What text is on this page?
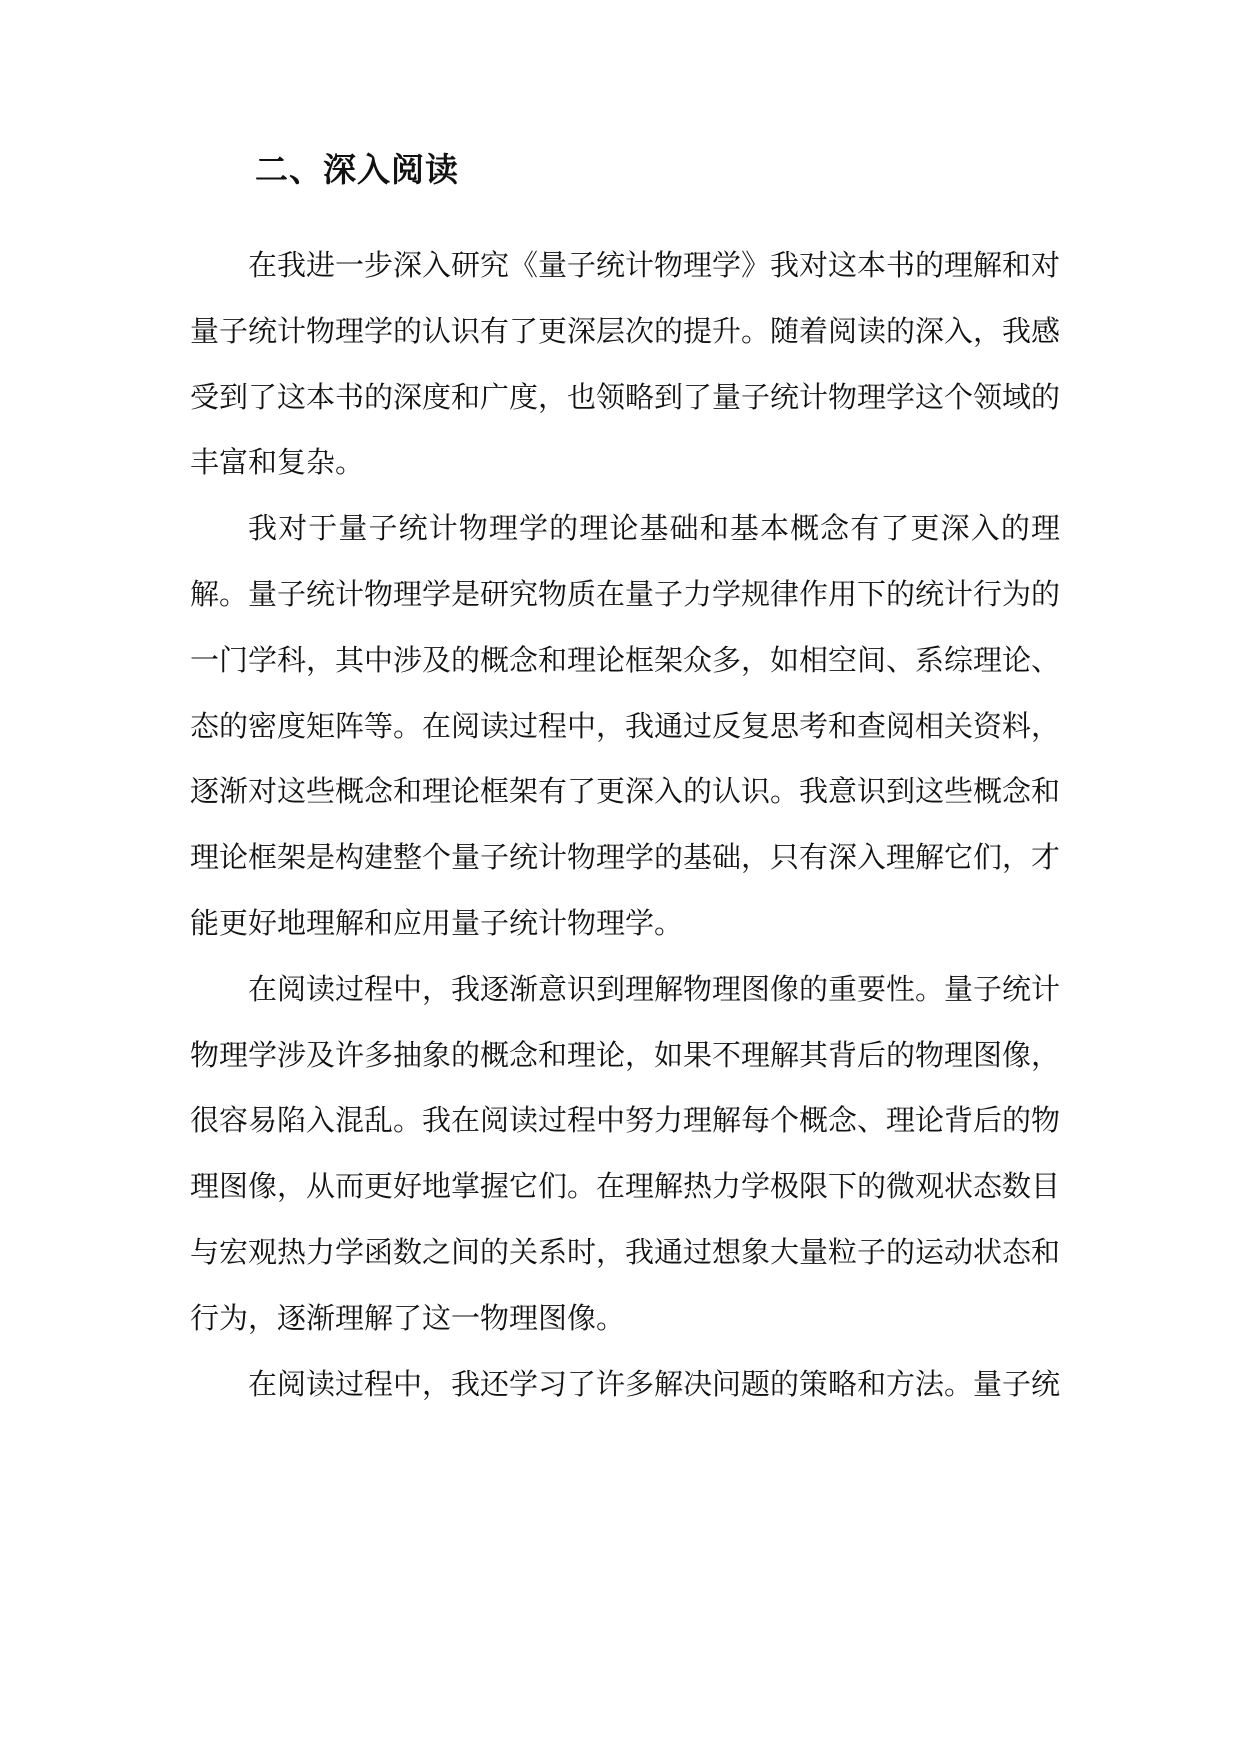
二、深入阅读

在我进一步深入研究《量子统计物理学》我对这本书的理解和对量子统计物理学的认识有了更深层次的提升。随着阅读的深入，我感受到了这本书的深度和广度，也领略到了量子统计物理学这个领域的丰富和复杂。

我对于量子统计物理学的理论基础和基本概念有了更深入的理解。量子统计物理学是研究物质在量子力学规律作用下的统计行为的一门学科，其中涉及的概念和理论框架众多，如相空间、系综理论、态的密度矩阵等。在阅读过程中，我通过反复思考和查阅相关资料，逐渐对这些概念和理论框架有了更深入的认识。我意识到这些概念和理论框架是构建整个量子统计物理学的基础，只有深入理解它们，才能更好地理解和应用量子统计物理学。

在阅读过程中，我逐渐意识到理解物理图像的重要性。量子统计物理学涉及许多抽象的概念和理论，如果不理解其背后的物理图像，很容易陷入混乱。我在阅读过程中努力理解每个概念、理论背后的物理图像，从而更好地掌握它们。在理解热力学极限下的微观状态数目与宏观热力学函数之间的关系时，我通过想象大量粒子的运动状态和行为，逐渐理解了这一物理图像。

在阅读过程中，我还学习了许多解决问题的策略和方法。量子统
